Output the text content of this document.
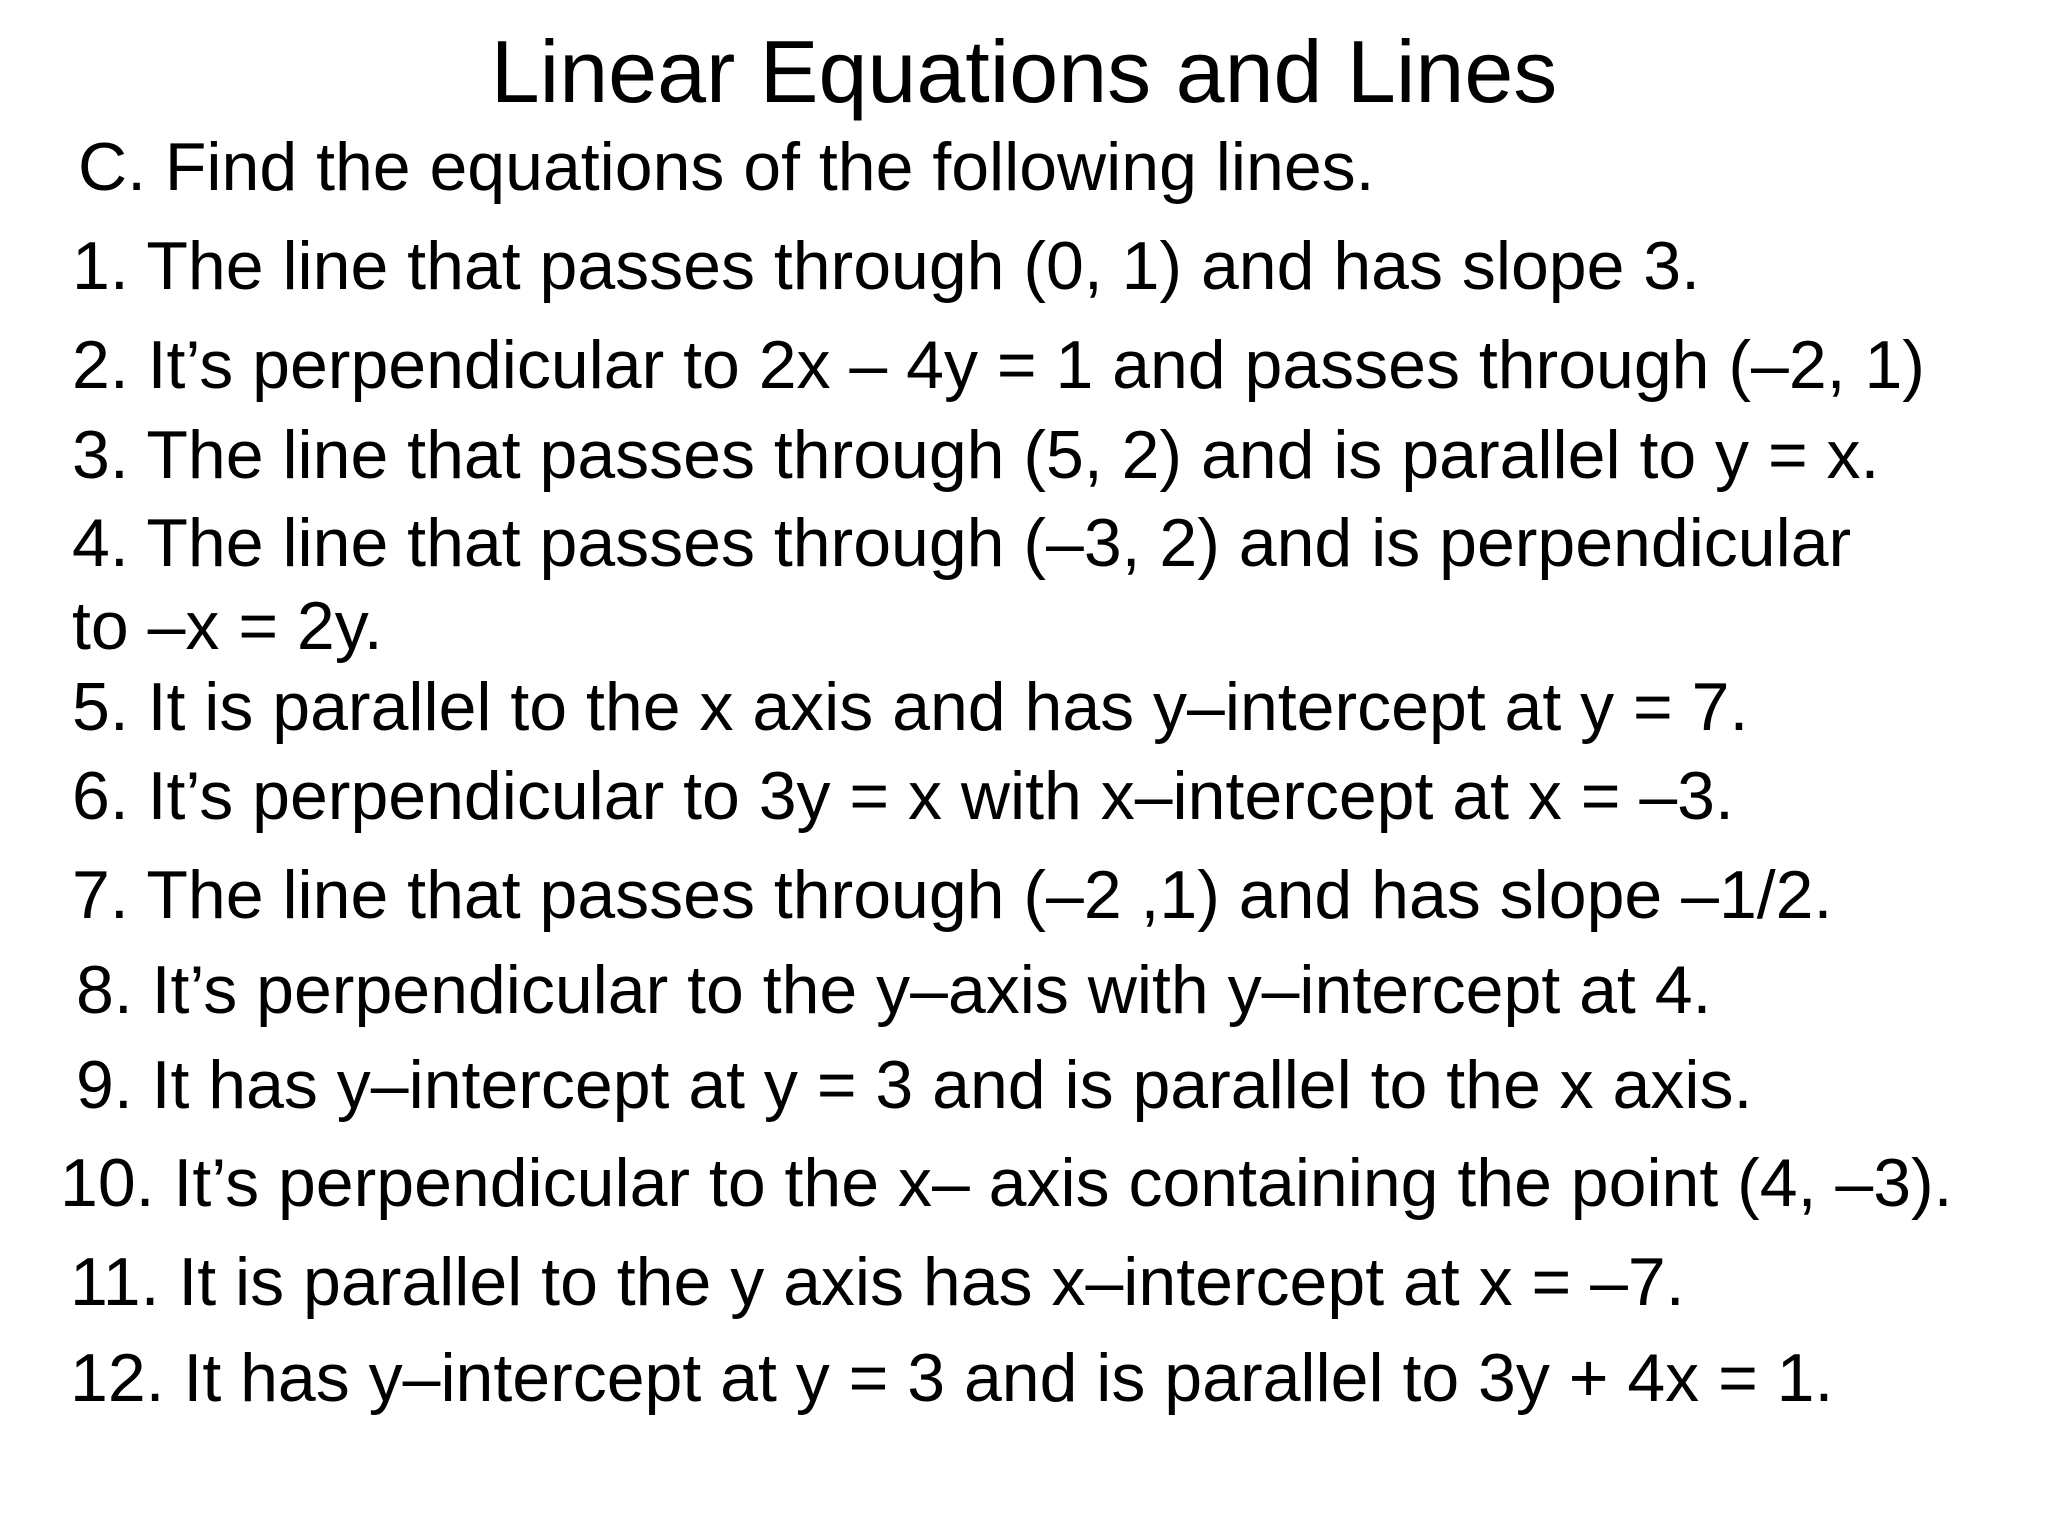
Linear Equations and Lines
C. Find the equations of the following lines.
1. The line that passes through (0, 1) and has slope 3.
2. It’s perpendicular to 2x – 4y = 1 and passes through (–2, 1)
3. The line that passes through (5, 2) and is parallel to y = x.
4. The line that passes through (–3, 2) and is perpendicular
to –x = 2y.
5. It is parallel to the x axis and has y–intercept at y = 7.
6. It’s perpendicular to 3y = x with x–intercept at x = –3.
7. The line that passes through (–2 ,1) and has slope –1/2.
8. It’s perpendicular to the y–axis with y–intercept at 4.
9. It has y–intercept at y = 3 and is parallel to the x axis.
10. It’s perpendicular to the x– axis containing the point (4, –3).
11. It is parallel to the y axis has x–intercept at x = –7.
12. It has y–intercept at y = 3 and is parallel to 3y + 4x = 1.
